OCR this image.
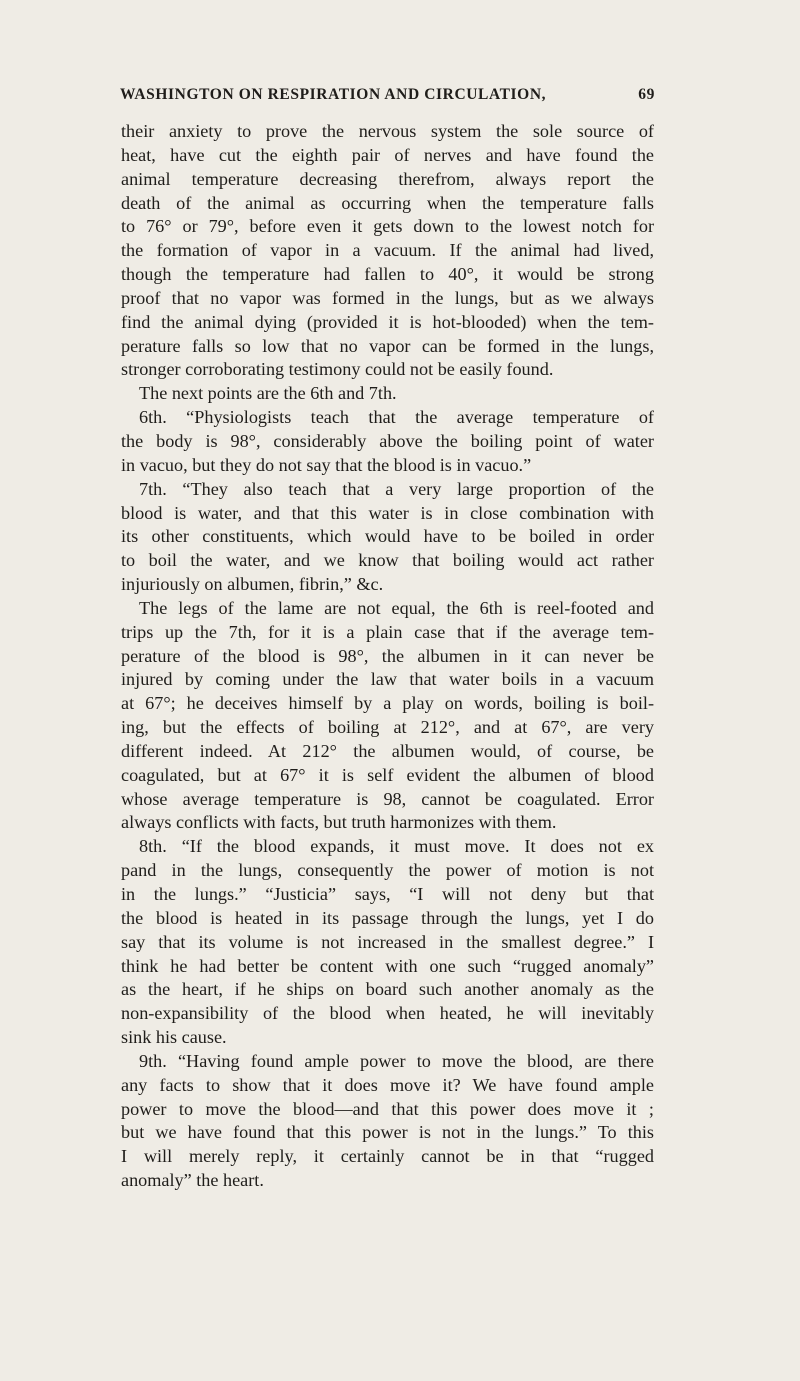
WASHINGTON ON RESPIRATION AND CIRCULATION,	69
their anxiety to prove the nervous system the sole source of
heat, have cut the eighth pair of nerves and have found the
animal temperature decreasing therefrom, always report the
death of the animal as occurring when the temperature falls
to 76° or 79°, before even it gets down to the lowest notch for
the formation of vapor in a vacuum. If the animal had lived,
though the temperature had fallen to 40°, it would be strong
proof that no vapor was formed in the lungs, but as we always
find the animal dying (provided it is hot-blooded) when the tem-
perature falls so low that no vapor can be formed in the lungs,
stronger corroborating testimony could not be easily found.
The next points are the 6th and 7th.
6th. “Physiologists teach that the average temperature of
the body is 98°, considerably above the boiling point of water
in vacuo, but they do not say that the blood is in vacuo.”
7th. “They also teach that a very large proportion of the
blood is water, and that this water is in close combination with
its other constituents, which would have to be boiled in order
to boil the water, and we know that boiling would act rather
injuriously on albumen, fibrin,” &c.
The legs of the lame are not equal, the 6th is reel-footed and
trips up the 7th, for it is a plain case that if the average tem-
perature of the blood is 98°, the albumen in it can never be
injured by coming under the law that water boils in a vacuum
at 67°; he deceives himself by a play on words, boiling is boil-
ing, but the effects of boiling at 212°, and at 67°, are very
different indeed. At 212° the albumen would, of course, be
coagulated, but at 67° it is self evident the albumen of blood
whose average temperature is 98, cannot be coagulated. Error
always conflicts with facts, but truth harmonizes with them.
8th. “If the blood expands, it must move. It does not ex
pand in the lungs, consequently the power of motion is not
in the lungs.” “Justicia” says, “I will not deny but that
the blood is heated in its passage through the lungs, yet I do
say that its volume is not increased in the smallest degree.” I
think he had better be content with one such “rugged anomaly”
as the heart, if he ships on board such another anomaly as the
non-expansibility of the blood when heated, he will inevitably
sink his cause.
9th. “Having found ample power to move the blood, are there
any facts to show that it does move it? We have found ample
power to move the blood—and that this power does move it ;
but we have found that this power is not in the lungs.” To this
I will merely reply, it certainly cannot be in that “rugged
anomaly” the heart.
